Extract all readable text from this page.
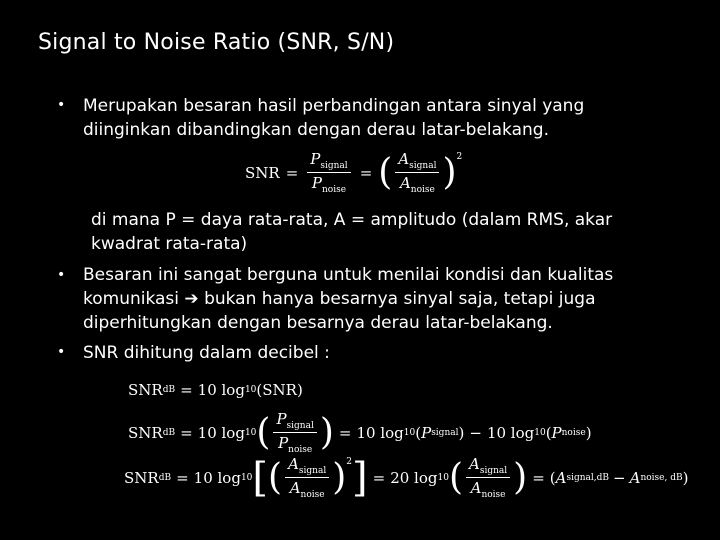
Signal to Noise Ratio (SNR, S/N)
• Merupakan besaran hasil perbandingan antara sinyal yang
diinginkan dibandingkan dengan derau latar-belakang.
SNR = $\frac{P_{signal}}{P_{noise}}$ = ( $\frac{A_{signal}}{A_{noise}} )^2$
di mana P = daya rata-rata, A = amplitudo (dalam RMS, akar
kwadrat rata-rata)
• Besaran ini sangat berguna untuk menilai kondisi dan kualitas
komunikasi ➔ bukan hanya besarnya sinyal saja, tetapi juga
diperhitungkan dengan besarnya derau latar-belakang.
• SNR dihitung dalam decibel :
SNR dB = 10 log 10 ( SNR )
SNR dB = 10 log 10 ( $\frac{P_{signal}}{P_{noise}}$ ) = 10 log 10 ( P signal ) − 10 log 10 ( P noise )
SNR dB = 10 log 10 [ ( $\frac{A_{signal}}{A_{noise}} )^2$ ] = 20 log 10 ( $\frac{A_{signal}}{A_{noise}}$ ) = ( A signal,dB − A noise, dB )
